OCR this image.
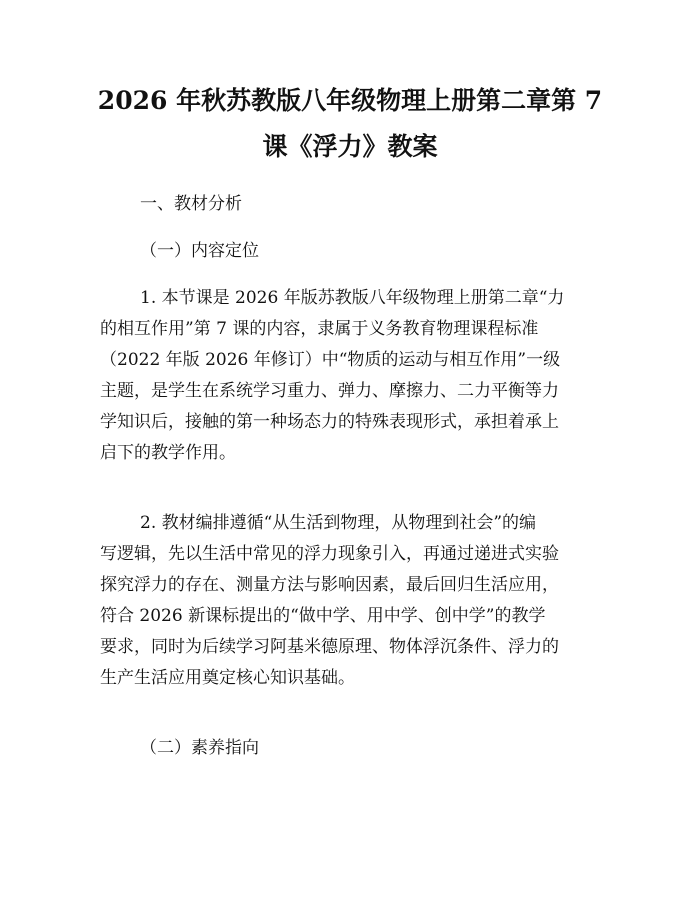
2026 年秋苏教版八年级物理上册第二章第 7
课《浮力》教案

一、教材分析

（一）内容定位

1. 本节课是 2026 年版苏教版八年级物理上册第二章“力
的相互作用”第 7 课的内容，隶属于义务教育物理课程标准
（2022 年版 2026 年修订）中“物质的运动与相互作用”一级
主题，是学生在系统学习重力、弹力、摩擦力、二力平衡等力
学知识后，接触的第一种场态力的特殊表现形式，承担着承上
启下的教学作用。
2. 教材编排遵循“从生活到物理，从物理到社会”的编
写逻辑，先以生活中常见的浮力现象引入，再通过递进式实验
探究浮力的存在、测量方法与影响因素，最后回归生活应用，
符合 2026 新课标提出的“做中学、用中学、创中学”的教学
要求，同时为后续学习阿基米德原理、物体浮沉条件、浮力的
生产生活应用奠定核心知识基础。

（二）素养指向
